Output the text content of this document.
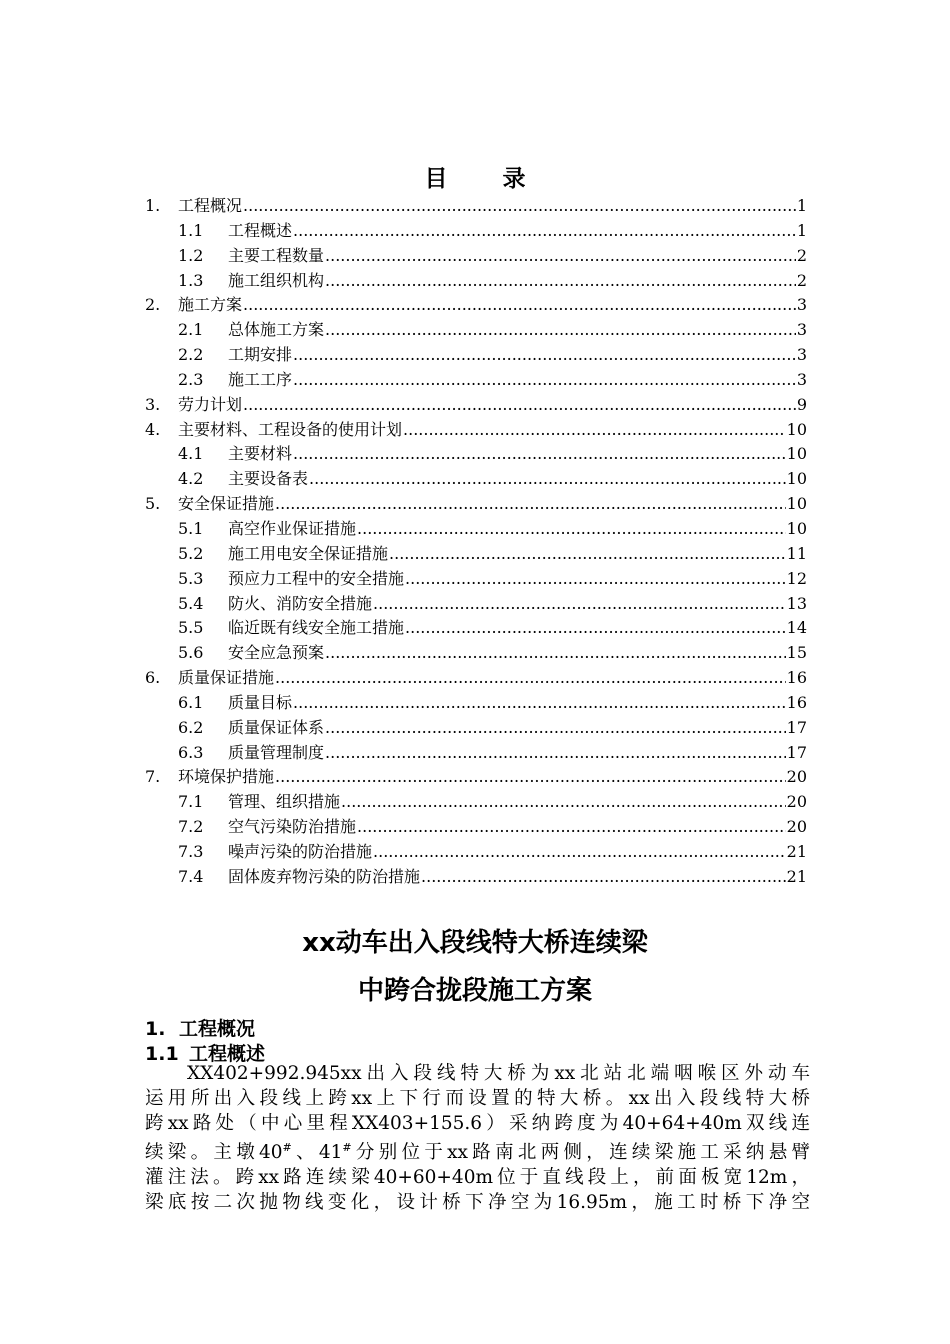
目　录
1.	工程概况 .....	1
1.1	工程概述 .....	1
1.2	主要工程数量 .....	2
1.3	施工组织机构 .....	2
2.	施工方案 .....	3
2.1	总体施工方案 .....	3
2.2	工期安排 .....	3
2.3	施工工序 .....	3
3.	劳力计划 .....	9
4.	主要材料、工程设备的使用计划 .....	10
4.1	主要材料 .....	10
4.2	主要设备表 .....	10
5.	安全保证措施 .....	10
5.1	高空作业保证措施 .....	10
5.2	施工用电安全保证措施 .....	11
5.3	预应力工程中的安全措施 .....	12
5.4	防火、消防安全措施 .....	13
5.5	临近既有线安全施工措施 .....	14
5.6	安全应急预案 .....	15
6.	质量保证措施 .....	16
6.1	质量目标 .....	16
6.2	质量保证体系 .....	17
6.3	质量管理制度 .....	17
7.	环境保护措施 .....	20
7.1	管理、组织措施 .....	20
7.2	空气污染防治措施 .....	20
7.3	噪声污染的防治措施 .....	21
7.4	固体废弃物污染的防治措施 .....	21
xx动车出入段线特大桥连续梁
中跨合拢段施工方案
1. 工程概况
1.1 工程概述
XX402+992.945xx出入段线特大桥为xx北站北端咽喉区外动车
运用所出入段线上跨xx上下行而设置的特大桥。xx出入段线特大桥
跨xx路处（中心里程XX403+155.6）采纳跨度为40+64+40m双线连
续梁。主墩40#、41#分别位于xx路南北两侧，连续梁施工采纳悬臂
灌注法。跨xx路连续梁40+60+40m位于直线段上，前面板宽12m，
梁底按二次抛物线变化，设计桥下净空为16.95m，施工时桥下净空
